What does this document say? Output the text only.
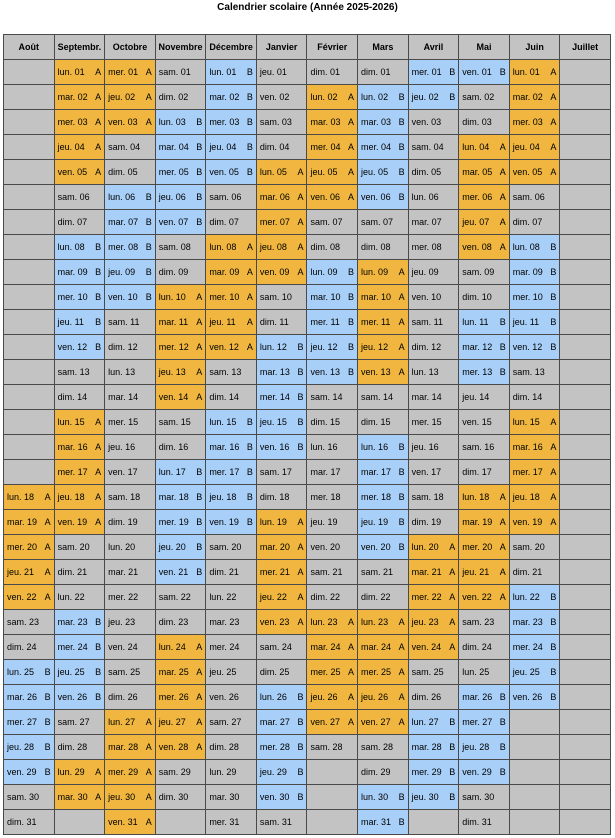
Calendrier scolaire (Année 2025-2026)
Août	Septembr.	Octobre	Novembre	Décembre	Janvier	Février	Mars	Avril	Mai	Juin	Juillet

	lun. 01 A	mer. 01 A	sam. 01	lun. 01 B	jeu. 01	dim. 01	dim. 01	mer. 01 B	ven. 01 B	lun. 01 A	

	mar. 02 A	jeu. 02 A	dim. 02	mar. 02 B	ven. 02	lun. 02 A	lun. 02 B	jeu. 02 B	sam. 02	mar. 02 A	

	mer. 03 A	ven. 03 A	lun. 03 B	mer. 03 B	sam. 03	mar. 03 A	mar. 03 B	ven. 03	dim. 03	mer. 03 A	

	jeu. 04 A	sam. 04	mar. 04 B	jeu. 04 B	dim. 04	mer. 04 A	mer. 04 B	sam. 04	lun. 04 A	jeu. 04 A	

	ven. 05 A	dim. 05	mer. 05 B	ven. 05 B	lun. 05 A	jeu. 05 A	jeu. 05 B	dim. 05	mar. 05 A	ven. 05 A	

	sam. 06	lun. 06 B	jeu. 06 B	sam. 06	mar. 06 A	ven. 06 A	ven. 06 B	lun. 06	mer. 06 A	sam. 06	

	dim. 07	mar. 07 B	ven. 07 B	dim. 07	mer. 07 A	sam. 07	sam. 07	mar. 07	jeu. 07 A	dim. 07	

	lun. 08 B	mer. 08 B	sam. 08	lun. 08 A	jeu. 08 A	dim. 08	dim. 08	mer. 08	ven. 08 A	lun. 08 B	

	mar. 09 B	jeu. 09 B	dim. 09	mar. 09 A	ven. 09 A	lun. 09 B	lun. 09 A	jeu. 09	sam. 09	mar. 09 B	

	mer. 10 B	ven. 10 B	lun. 10 A	mer. 10 A	sam. 10	mar. 10 B	mar. 10 A	ven. 10	dim. 10	mer. 10 B	

	jeu. 11 B	sam. 11	mar. 11 A	jeu. 11 A	dim. 11	mer. 11 B	mer. 11 A	sam. 11	lun. 11 B	jeu. 11 B	

	ven. 12 B	dim. 12	mer. 12 A	ven. 12 A	lun. 12 B	jeu. 12 B	jeu. 12 A	dim. 12	mar. 12 B	ven. 12 B	

	sam. 13	lun. 13	jeu. 13 A	sam. 13	mar. 13 B	ven. 13 B	ven. 13 A	lun. 13	mer. 13 B	sam. 13	

	dim. 14	mar. 14	ven. 14 A	dim. 14	mer. 14 B	sam. 14	sam. 14	mar. 14	jeu. 14	dim. 14	

	lun. 15 A	mer. 15	sam. 15	lun. 15 B	jeu. 15 B	dim. 15	dim. 15	mer. 15	ven. 15	lun. 15 A	

	mar. 16 A	jeu. 16	dim. 16	mar. 16 B	ven. 16 B	lun. 16	lun. 16 B	jeu. 16	sam. 16	mar. 16 A	

	mer. 17 A	ven. 17	lun. 17 B	mer. 17 B	sam. 17	mar. 17	mar. 17 B	ven. 17	dim. 17	mer. 17 A	

lun. 18 A	jeu. 18 A	sam. 18	mar. 18 B	jeu. 18 B	dim. 18	mer. 18	mer. 18 B	sam. 18	lun. 18 A	jeu. 18 A	

mar. 19 A	ven. 19 A	dim. 19	mer. 19 B	ven. 19 B	lun. 19 A	jeu. 19	jeu. 19 B	dim. 19	mar. 19 A	ven. 19 A	

mer. 20 A	sam. 20	lun. 20	jeu. 20 B	sam. 20	mar. 20 A	ven. 20	ven. 20 B	lun. 20 A	mer. 20 A	sam. 20	

jeu. 21 A	dim. 21	mar. 21	ven. 21 B	dim. 21	mer. 21 A	sam. 21	sam. 21	mar. 21 A	jeu. 21 A	dim. 21	

ven. 22 A	lun. 22	mer. 22	sam. 22	lun. 22	jeu. 22 A	dim. 22	dim. 22	mer. 22 A	ven. 22 A	lun. 22 B	

sam. 23	mar. 23 B	jeu. 23	dim. 23	mar. 23	ven. 23 A	lun. 23 A	lun. 23 A	jeu. 23 A	sam. 23	mar. 23 B	

dim. 24	mer. 24 B	ven. 24	lun. 24 A	mer. 24	sam. 24	mar. 24 A	mar. 24 A	ven. 24 A	dim. 24	mer. 24 B	

lun. 25 B	jeu. 25 B	sam. 25	mar. 25 A	jeu. 25	dim. 25	mer. 25 A	mer. 25 A	sam. 25	lun. 25	jeu. 25 B	

mar. 26 B	ven. 26 B	dim. 26	mer. 26 A	ven. 26	lun. 26 B	jeu. 26 A	jeu. 26 A	dim. 26	mar. 26 B	ven. 26 B	

mer. 27 B	sam. 27	lun. 27 A	jeu. 27 A	sam. 27	mar. 27 B	ven. 27 A	ven. 27 A	lun. 27 B	mer. 27 B		

jeu. 28 B	dim. 28	mar. 28 A	ven. 28 A	dim. 28	mer. 28 B	sam. 28	sam. 28	mar. 28 B	jeu. 28 B		

ven. 29 B	lun. 29 A	mer. 29 A	sam. 29	lun. 29	jeu. 29 B		dim. 29	mer. 29 B	ven. 29 B		

sam. 30	mar. 30 A	jeu. 30 A	dim. 30	mar. 30	ven. 30 B		lun. 30 B	jeu. 30 B	sam. 30		

dim. 31		ven. 31 A		mer. 31	sam. 31		mar. 31 B		dim. 31		
